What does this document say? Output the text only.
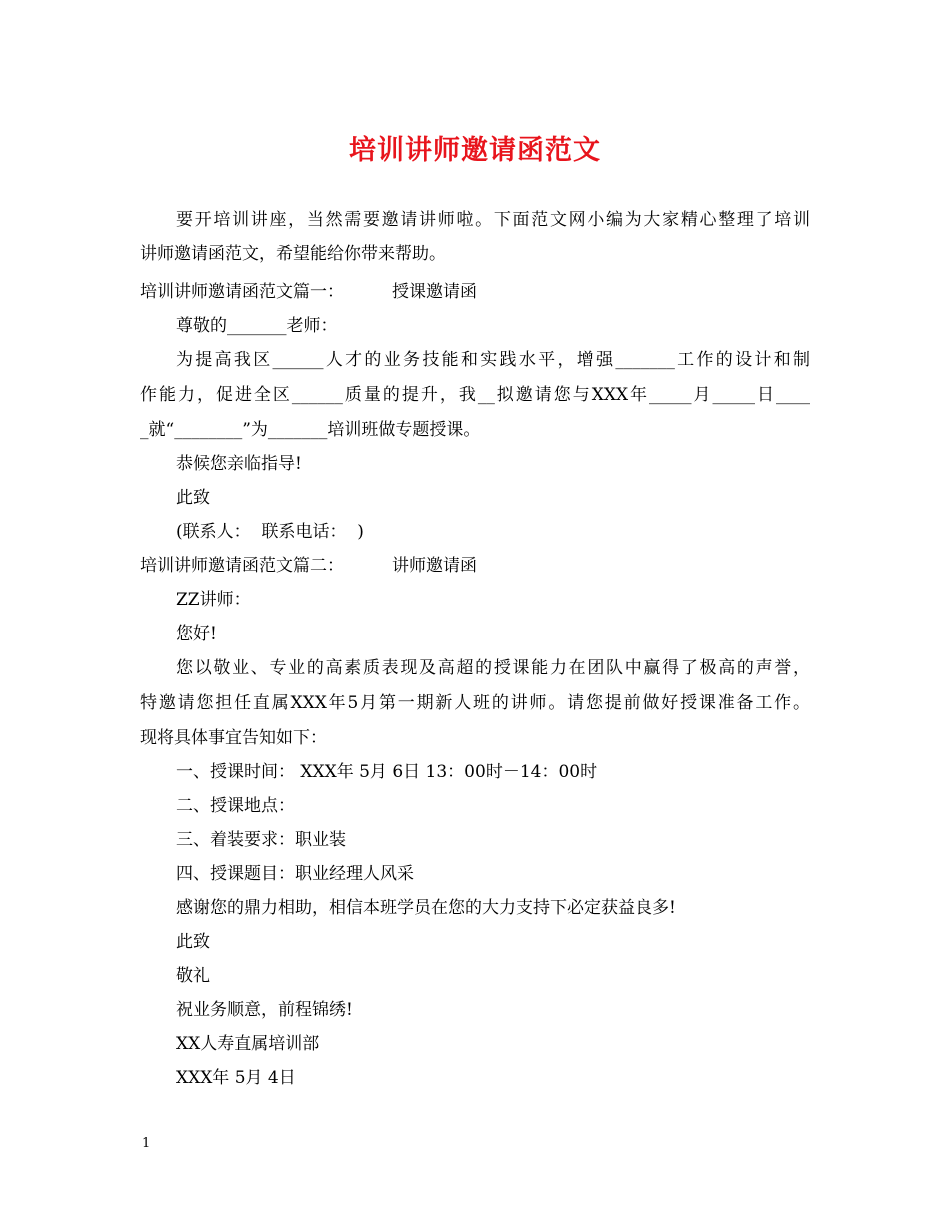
培训讲师邀请函范文
要开培训讲座，当然需要邀请讲师啦。下面范文网小编为大家精心整理了培训
讲师邀请函范文，希望能给你带来帮助。
培训讲师邀请函范文篇一：	授课邀请函
尊敬的_______老师：
为提高我区______人才的业务技能和实践水平，增强_______工作的设计和制
作能力，促进全区______质量的提升，我__拟邀请您与XXX年_____月_____日____
_就“________”为_______培训班做专题授课。
恭候您亲临指导!
此致
(联系人：  联系电话：  )
培训讲师邀请函范文篇二：	讲师邀请函
ZZ讲师：
您好!
您以敬业、专业的高素质表现及高超的授课能力在团队中赢得了极高的声誉，
特邀请您担任直属XXX年5月第一期新人班的讲师。请您提前做好授课准备工作。
现将具体事宜告知如下：
一、授课时间： XXX年 5月 6日 13：00时－14：00时
二、授课地点：
三、着装要求：职业装
四、授课题目：职业经理人风采
感谢您的鼎力相助，相信本班学员在您的大力支持下必定获益良多!
此致
敬礼
祝业务顺意，前程锦绣!
XX人寿直属培训部
XXX年 5月 4日
1
